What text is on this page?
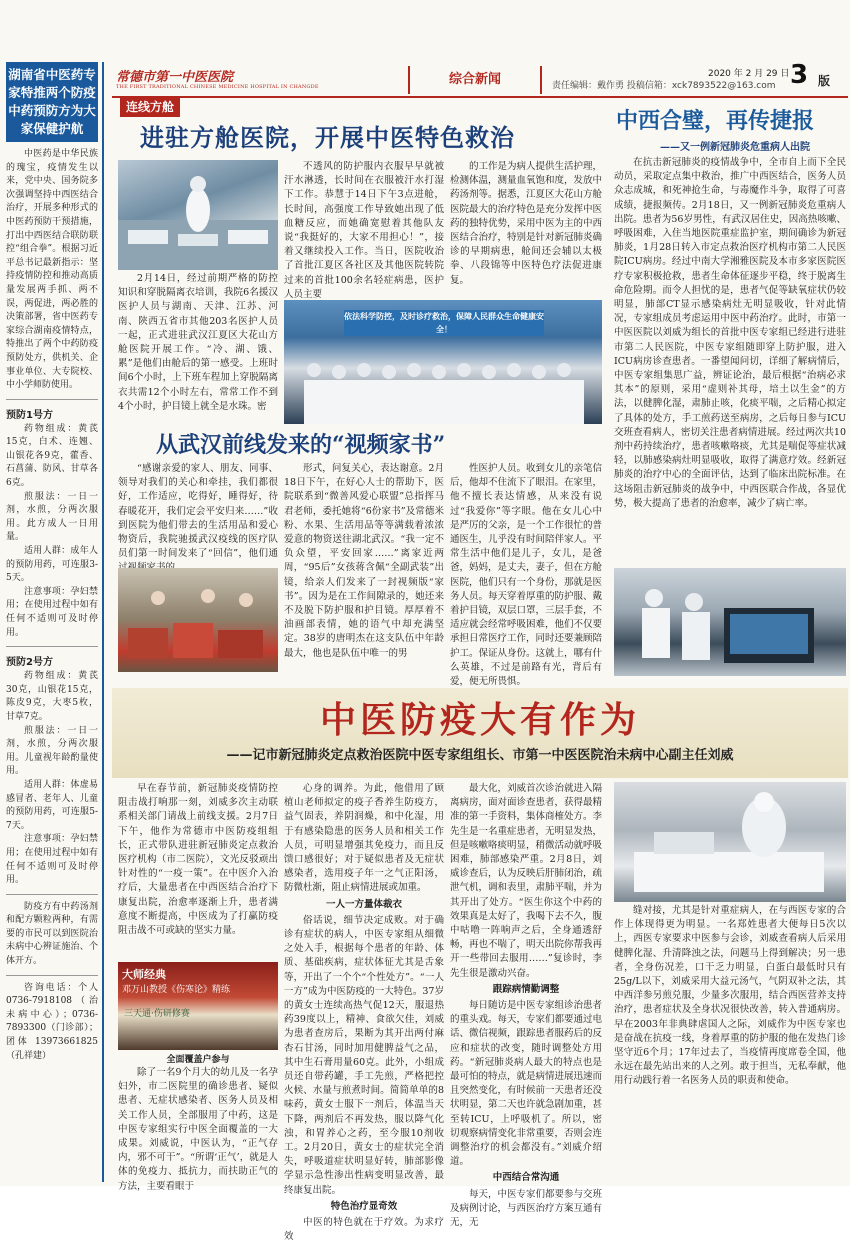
湖南省中医药专家特推两个防疫中药预防方为大家保健护航

中医药是中华民族的瑰宝，疫情发生以来，党中央、国务院多次强调坚持中西医结合治疗，开展多种形式的中医药预防干预措施，打出中西医结合联防联控“组合拳”。根据习近平总书记最新指示：坚持疫情防控和推动高质量发展两手抓、两不误，两促进，两必胜的决策部署，省中医药专家综合湖南疫情特点，特推出了两个中药防疫预防处方，供机关、企事业单位、大专院校、中小学师防使用。

预防1号方

药物组成：黄芪15克，白术、连翘、山银花各9克，藿香、石菖蒲、防风、甘草各6克。

煎服法：一日一剂，水煎，分两次服用。此方成人一日用量。

适用人群：成年人的预防用药，可连服3-5天。

注意事项：孕妇禁用；在使用过程中如有任何不适则可及时停用。

预防2号方

药物组成：黄芪30克，山银花15克，陈皮9克，大枣5枚，甘草7克。

煎服法：一日一剂，水煎，分两次服用。儿童视年龄酌量使用。

适用人群：体虚易感冒者、老年人、儿童的预防用药，可连服5-7天。

注意事项：孕妇禁用；在使用过程中如有任何不适则可及时停用。

防疫方有中药汤剂和配方颗粒两种，有需要的市民可以到医院治未病中心辨证施治、个体开方。

咨询电话：个人0736-7918108（治未病中心）；0736-7893300（门诊部）；团体 13973661825（孔祥建）

常德市第一中医医院
THE FIRST TRADITIONAL CHINESE MEDICINE HOSPITAL IN CHANGDE	综合新闻	责任编辑：戴作勇 投稿信箱：xck7893522@163.com
2020 年 2 月 29 日 3 版
连线方舱
进驻方舱医院，开展中医特色救治

2月14日，经过前期严格的防控知识和穿脱隔离衣培训，我院6名援汉医护人员与湖南、天津、江苏、河南、陕西五省市其他203名医护人员一起，正式进驻武汉江夏区大花山方舱医院开展工作。“冷、湖、饿、累”是他们由舱后的第一感受。上班时间6个小时，上下班车程加上穿脱隔离衣共需12个小时左右，常常工作不到4个小时，护目镜上就全是水珠。密

不透风的防护服内衣服早早就被汗水淋透，长时间在衣服被汗水打湿下工作。恭慧于14日下午3点进舱，长时间，高强度工作导致她出现了低血糖反应，而她确宽慰着其他队友说“我挺好的，大家不用担心！”，接着又继续投入工作。当日，医院收治了首批江夏区各社区及其他医院转院过来的首批100余名轻症病患，医护人员主要

的工作是为病人提供生活护理，检测体温，测量血氧饱和度，发放中药汤剂等。据悉，江夏区大花山方舱医院最大的治疗特色是充分发挥中医药的独特优势，采用中医为主的中西医结合治疗，特别是针对新冠肺炎确诊的早期病患，舱间还会辅以太极拳、八段锦等中医特色疗法促进康复。

依法科学防控，及时诊疗救治，保障人民群众生命健康安全！
从武汉前线发来的“视频家书”

“感谢亲爱的家人、朋友、同事、领导对我们的关心和牵挂，我们都很好，工作适应，吃得好，睡得好，待春暖花开，我们定会平安归来……”收到医院为他们带去的生活用品和爱心物资后，我院驰援武汉疫线的医疗队员们第一时间发来了“回信”，他们通

形式，问复关心，表达谢意。2月18日下午，在好心人士的帮助下，医院联系到“微善风爱心联盟”总指挥马君老师，委托她将“6份家书”及常德米粉、水果、生活用品等等满载着浓浓爱意的物资送往湖北武汉。“我一定不负众望，平安回家……”离家近两周，“95后”女孩蒋含佩“全副武装”出镜，给亲人们发来了一封视频版“家书”。因为是在工作间隙录的，她还来不及脱下防护服和护目镜。厚厚着不油画部表情，她的语气中却充满坚定。38岁的唐明杰在这支队伍中年龄最大，他也是队伍中唯一的男

性医护人员。收到女儿的亲笔信后，他却不住流下了眼泪。在家里，他不擅长表达情感，从来没有说过“我爱你”等字眼。他在女儿心中是严厉的父亲，是一个工作很忙的普通医生，儿乎没有时间陪伴家人。平常生活中他们是儿子，女儿，是爸爸，妈妈，是丈夫，妻子，但在方舱医院，他们只有一个身份，那就是医务人员。每天穿着厚重的防护服、戴着护目镜，双层口罩，三层手套，不适应就会经常呼吸困难，他们不仅要承担日常医疗工作，同时还要兼顾陪护工。保证从身份。这就上，哪有什么英雄，不过是前路有光，背后有爱，便无所畏惧。

中西合璧，再传捷报
——又一例新冠肺炎危重病人出院

在抗击新冠肺炎的疫情战争中，全市自上而下全民动员，采取定点集中救治，推广中西医结合，医务人员众志成城，和死神抢生命，与毒魔作斗争，取得了可喜成绩，捷报频传。2月18日，又一例新冠肺炎危重病人出院。患者为56岁男性，有武汉居住史，因高热咳嗽、呼吸困难，入住当地医院重症监护室，期间确诊为新冠肺炎，1月28日转入市定点救治医疗机构市第二人民医院ICU病房。经过中南大学湘雅医院及本市多家医院医疗专家积极抢救，患者生命体征逐步平稳，终于脱离生命危险期。而令人担忧的是，患者气促等缺氧症状仍较明显，肺部CT显示感染病灶无明显吸收，针对此情况，专家组成员考虑运用中医中药治疗。此时，市第一中医医院以刘威为组长的首批中医专家组已经进行进驻市第二人民医院，中医专家组随即穿上防护服，进入ICU病房诊查患者。一番望闻问切，详细了解病情后，中医专家组集思广益，辨证论治，最后根据“治病必求其本”的原则，采用“虚则补其母，培土以生金”的方法，以健脾化湿，肃肺止咳，化痰平喘，之后精心拟定了具体的处方，手工煎药送至病房，之后每日参与ICU交班查看病人，密切关注患者病情进展。经过两次共10剂中药持续治疗，患者咳嗽咯痰，尤其是喘促等症状减轻，以肺感染病灶明显吸收，取得了满意疗效。经新冠肺炎的治疗中心的全面评估，达到了临床出院标准。在这场阻击新冠肺炎的战争中，中西医联合作战，各显优势，极大提高了患者的治愈率，减少了病亡率。

中医防疫大有作为
——记市新冠肺炎定点救治医院中医专家组组长、市第一中医医院治未病中心副主任刘威

早在春节前，新冠肺炎疫情防控阻击战打响那一刻，刘威多次主动联系相关部门请战上前线支援。2月7日下午，他作为常德市中医防疫组组长，正式带队进驻新冠肺炎定点救治医疗机构（市二医院），文光反驳顽出针对性的“一疫一策”。在中医介入治疗后，大量患者在中西医结合治疗下康复出院，治愈率逐渐上升，患者满意度不断提高，中医成为了打赢防疫阻击战不可或缺的坚实力量。

大师经典
邓万山教授《伤寒论》精练
三天通·伤研修赛
全面覆盖户参与

除了一名9个月大的幼儿及一名孕妇外，市二医院里的确诊患者、疑似患者、无症状感染者、医务人员及相关工作人员，全部服用了中药，这是中医专家组实行中医全面覆盖的一大成果。刘威说，中医认为，“正气存内，邪不可干”。“所谓‘正气’，就是人体的免疫力、抵抗力，而扶助正气的方法，主要看眼于

心身的调养。为此，他借用了顾植山老师拟定的疫子香养生防疫方，益气固表，养阴润燥，和中化湿，用于有感染隐患的医务人员和相关工作人员，可明显增强其免疫力，而且反馈口感很好；对于疑似患者及无症状感染者，选用疫子年一之气正阳汤，防微杜渐，阻止病情进展或加重。

一人一方量体裁衣

俗话说，细节决定成败。对于确诊有症状的病人，中医专家组从细微之处入手，根据每个患者的年龄、体质、基础疾病，症状体征尤其是舌象等，开出了一个个“个性处方”。“一人一方”成为中医防疫的一大特色。37岁的黄女士连续高热气促12天，服退热药39度以上，精神、食欲欠佳，刘威为患者查房后，果断为其开出两付麻杏石甘汤，同时加用健脾益气之品，其中生石膏用量60克。此外，小组成员还自带药罐，手工先煎，严格把控火候、水量与煎煮时间。简简单单的8味药，黄女士服下一剂后，体温当天下降，两剂后不再发热，服以降气化浊，和胃养心之药，至今服10剂收工。2月20日，黄女士的症状完全消失，呼吸道症状明显好转，肺部影像学显示急性渗出性病变明显改善，最终康复出院。

特色治疗显奇效

中医的特色就在于疗效。为求疗效

最大化，刘威首次诊治就进入隔离病房，面对面诊查患者，获得最精准的第一手资料，集体商榷处方。李先生是一名重症患者，无明显发热，但是咳嗽咯痰明显，稍微活动就呼吸困难，肺部感染严重。2月8日，刘威诊查后，认为反映后肝肺闭治，疏泄气机，调和表里，肃肺平喘，并为其开出了处方。“医生你这个中药的效果真是太好了，我喝下去不久，腹中咕噜一阵响声之后，全身通透舒畅，再也不喘了，明天出院你帮我再开一些带回去服用……”复诊时，李先生很是激动兴奋。

跟踪病情勤调整

每日随访是中医专家组诊治患者的重头戏。每天，专家们都要通过电话、微信视频，跟踪患者服药后的反应和症状的改变，随时调整处方用药。“新冠肺炎病人最大的特点也是最可怕的特点，就是病情进展迅速而且突然变化，有时候前一天患者还没状明显，第二天也许就急剧加重，甚至转ICU，上呼吸机了。所以，密切观察病情变化非常重要，否则会连调整治疗的机会都没有。”刘威介绍道。

中西结合常沟通

每天，中医专家们都要参与交班及病例讨论，与西医治疗方案互通有无，无

缝对接，尤其是针对重症病人，在与西医专家的合作上体现得更为明显。一名郑姓患者大便每日5次以上，西医专家要求中医参与会诊，刘威查看病人后采用健脾化湿、升清降浊之法，问题马上得到解决；另一患者，全身伤况差，口干乏力明显，白蛋白最低时只有25g/L以下，刘威采用大益元汤气，气阴双补之法，其中西洋参另煎兑服，少量多次服用，结合西医营养支持治疗，患者症状及全身状况很快改善，转入普通病房。早在2003年非典肆虐国人之际，刘威作为中医专家也是奋战在抗疫一线，身着厚重的防护服的他在发热门诊坚守近6个月；17年过去了，当疫情再度席卷全国，他永远在最先站出来的人之列。敢于担当，无私奉献，他用行动践行着一名医务人员的职责和使命。
